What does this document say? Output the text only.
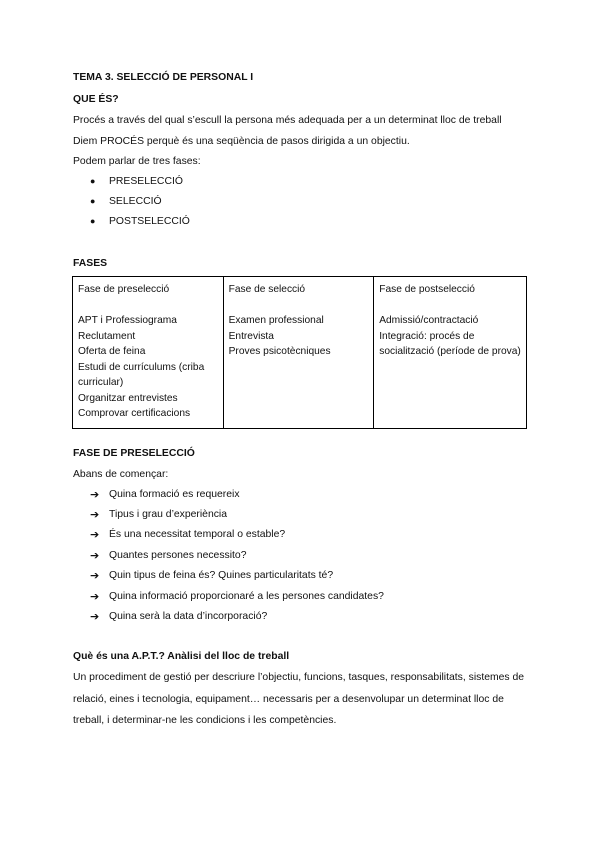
TEMA 3. SELECCIÓ DE PERSONAL I
QUE ÉS?
Procés a través del qual s’escull la persona més adequada per a un determinat lloc de treball
Diem PROCÉS perquè és una seqüència de pasos dirigida a un objectiu.
Podem parlar de tres fases:
●	PRESELECCIÓ
●	SELECCIÓ
●	POSTSELECCIÓ
FASES
Fase de preselecció
APT i Professiograma
Reclutament
Oferta de feina
Estudi de currículums (criba
curricular)
Organitzar entrevistes
Comprovar certificacions

Fase de selecció
Examen professional
Entrevista
Proves psicotècniques

Fase de postselecció
Admissió/contractació
Integració: procés de
socialització (període de prova)
FASE DE PRESELECCIÓ
Abans de començar:
➔ Quina formació es requereix
➔ Tipus i grau d’experiència
➔ És una necessitat temporal o estable?
➔ Quantes persones necessito?
➔ Quin tipus de feina és? Quines particularitats té?
➔ Quina informació proporcionaré a les persones candidates?
➔ Quina serà la data d’incorporació?
Què és una A.P.T.? Anàlisi del lloc de treball
Un procediment de gestió per descriure l’objectiu, funcions, tasques, responsabilitats, sistemes de
relació, eines i tecnologia, equipament… necessaris per a desenvolupar un determinat lloc de
treball, i determinar-ne les condicions i les competències.
